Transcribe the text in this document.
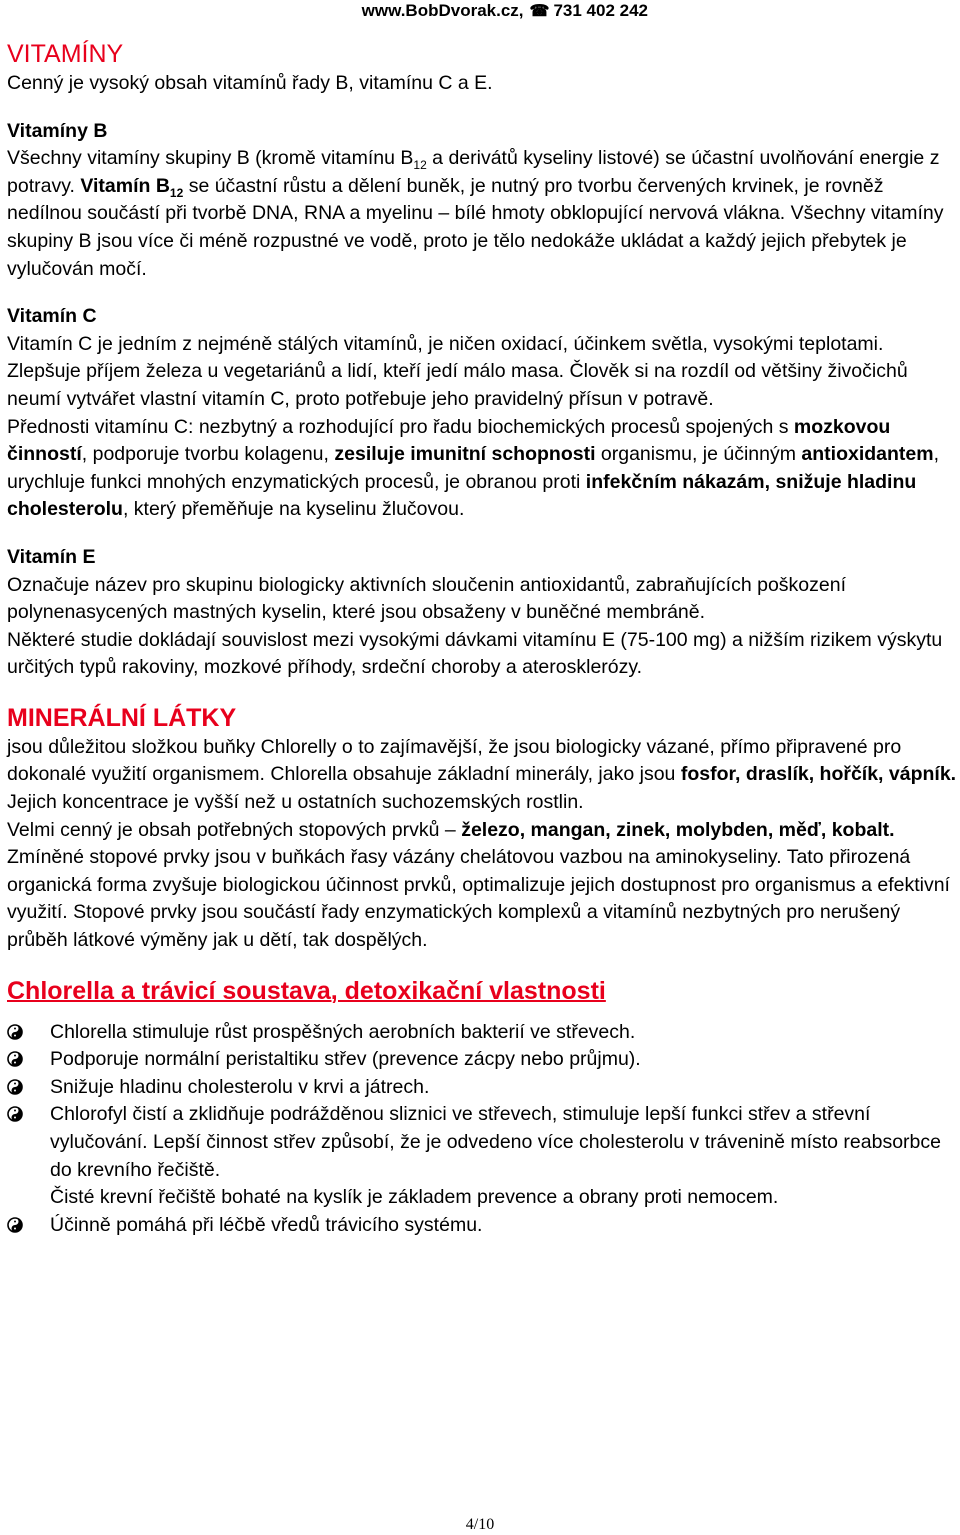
www.BobDvorak.cz, ☎ 731 402 242
VITAMÍNY

Cenný je vysoký obsah vitamínů řady B, vitamínu C a E.

Vitamíny B

Všechny vitamíny skupiny B (kromě vitamínu $B_{12}$ a derivátů kyseliny listové) se účastní uvolňování energie z potravy. Vitamín $B_{12}$ se účastní růstu a dělení buněk, je nutný pro tvorbu červených krvinek, je rovněž nedílnou součástí při tvorbě DNA, RNA a myelinu – bílé hmoty obklopující nervová vlákna. Všechny vitamíny skupiny B jsou více či méně rozpustné ve vodě, proto je tělo nedokáže ukládat a každý jejich přebytek je vylučován močí.

Vitamín C

Vitamín C je jedním z nejméně stálých vitamínů, je ničen oxidací, účinkem světla, vysokými teplotami. Zlepšuje příjem železa u vegetariánů a lidí, kteří jedí málo masa. Člověk si na rozdíl od většiny živočichů neumí vytvářet vlastní vitamín C, proto potřebuje jeho pravidelný přísun v potravě.

Přednosti vitamínu C: nezbytný a rozhodující pro řadu biochemických procesů spojených s mozkovou činností, podporuje tvorbu kolagenu, zesiluje imunitní schopnosti organismu, je účinným antioxidantem, urychluje funkci mnohých enzymatických procesů, je obranou proti infekčním nákazám, snižuje hladinu cholesterolu, který přeměňuje na kyselinu žlučovou.

Vitamín E

Označuje název pro skupinu biologicky aktivních sloučenin antioxidantů, zabraňujících poškození polynenasycených mastných kyselin, které jsou obsaženy v buněčné membráně.

Některé studie dokládají souvislost mezi vysokými dávkami vitamínu E (75-100 mg) a nižším rizikem výskytu určitých typů rakoviny, mozkové příhody, srdeční choroby a aterosklerózy.

MINERÁLNÍ LÁTKY

jsou důležitou složkou buňky Chlorelly o to zajímavější, že jsou biologicky vázané, přímo připravené pro dokonalé využití organismem. Chlorella obsahuje základní minerály, jako jsou fosfor, draslík, hořčík, vápník. Jejich koncentrace je vyšší než u ostatních suchozemských rostlin.

Velmi cenný je obsah potřebných stopových prvků – železo, mangan, zinek, molybden, měď, kobalt. Zmíněné stopové prvky jsou v buňkách řasy vázány chelátovou vazbou na aminokyseliny. Tato přirozená organická forma zvyšuje biologickou účinnost prvků, optimalizuje jejich dostupnost pro organismus a efektivní využití. Stopové prvky jsou součástí řady enzymatických komplexů a vitamínů nezbytných pro nerušený průběh látkové výměny jak u dětí, tak dospělých.

Chlorella a trávicí soustava, detoxikační vlastnosti
Chlorella stimuluje růst prospěšných aerobních bakterií ve střevech.
Podporuje normální peristaltiku střev (prevence zácpy nebo průjmu).
Snižuje hladinu cholesterolu v krvi a játrech.
Chlorofyl čistí a zklidňuje podrážděnou sliznici ve střevech, stimuluje lepší funkci střev a střevní vylučování. Lepší činnost střev způsobí, že je odvedeno více cholesterolu v tráveninĕ místo reabsorbce do krevního řečiště.
Čisté krevní řečiště bohaté na kyslík je základem prevence a obrany proti nemocem.
Účinně pomáhá při léčbě vředů trávicího systému.
4/10
